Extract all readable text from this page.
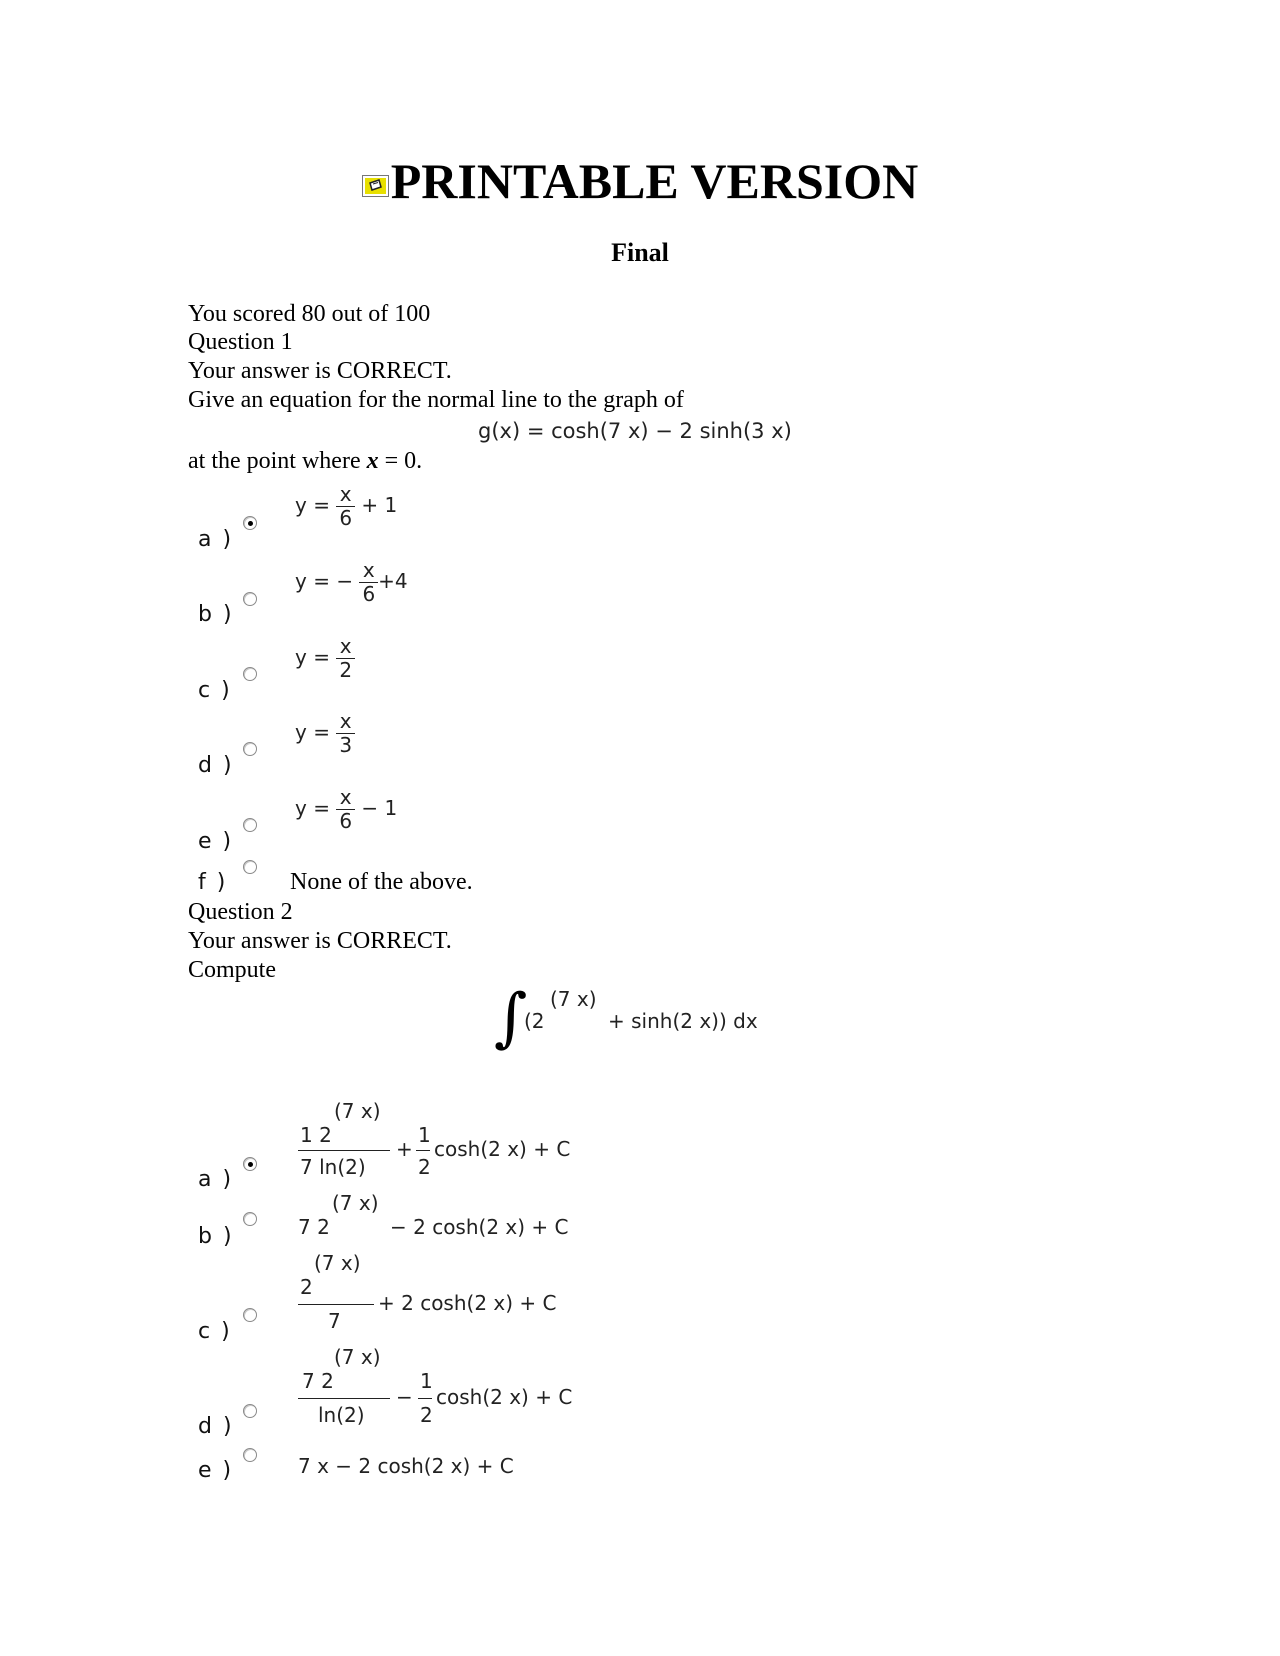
PRINTABLE VERSION
Final
You scored 80 out of 100
Question 1
Your answer is CORRECT.
Give an equation for the normal line to the graph of
g(x) = cosh(7 x) − 2 sinh(3 x)
at the point where x = 0.
a )
$y = \frac{x}{6} + 1$
b )
y = − $\frac{x}{6} +4$
c )
$y = \frac{x}{2}$
d )
$y = \frac{x}{3}$
e )
$y = \frac{x}{6} - 1$
f )	None of the above.
Question 2
Your answer is CORRECT.
Compute
∫
(2
(7 x)
+ sinh(2 x)) dx
a )
(7 x)
1 2
7 ln(2)
+
1
2
cosh(2 x) + C
b )
(7 x)
7 2	− 2 cosh(2 x) + C
c )
(7 x)
2
7
+ 2 cosh(2 x) + C
d )
(7 x)
7 2
ln(2)
−
1
2
cosh(2 x) + C
e )	7 x − 2 cosh(2 x) + C
